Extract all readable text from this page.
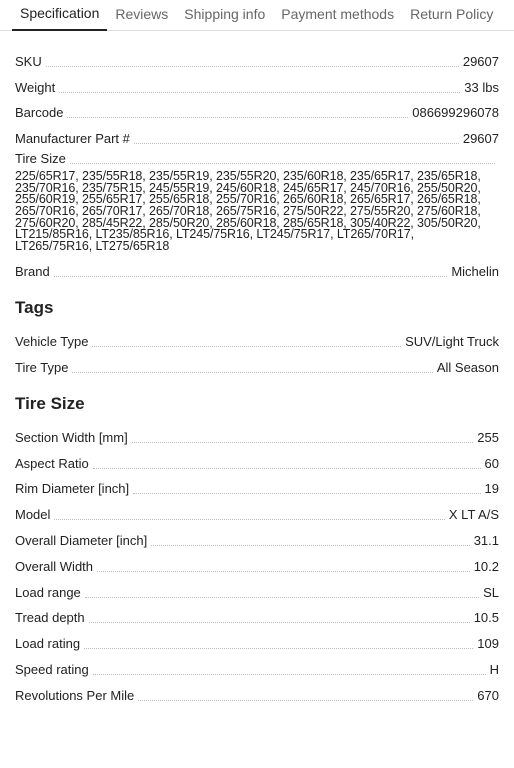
Specification	Reviews	Shipping info	Payment methods	Return Policy
SKU	29607
Weight	33 lbs
Barcode	086699296078
Manufacturer Part #	29607
Tire Size
225/65R17, 235/55R18, 235/55R19, 235/55R20, 235/60R18, 235/65R17, 235/65R18, 235/70R16, 235/75R15, 245/55R19, 245/60R18, 245/65R17, 245/70R16, 255/50R20, 255/60R19, 255/65R17, 255/65R18, 255/70R16, 265/60R18, 265/65R17, 265/65R18, 265/70R16, 265/70R17, 265/70R18, 265/75R16, 275/50R22, 275/55R20, 275/60R18, 275/60R20, 285/45R22, 285/50R20, 285/60R18, 285/65R18, 305/40R22, 305/50R20, LT215/85R16, LT235/85R16, LT245/75R16, LT245/75R17, LT265/70R17, LT265/75R16, LT275/65R18
Brand	Michelin
Tags
Vehicle Type	SUV/Light Truck
Tire Type	All Season
Tire Size
Section Width [mm]	255
Aspect Ratio	60
Rim Diameter [inch]	19
Model	X LT A/S
Overall Diameter [inch]	31.1
Overall Width	10.2
Load range	SL
Tread depth	10.5
Load rating	109
Speed rating	H
Revolutions Per Mile	670
